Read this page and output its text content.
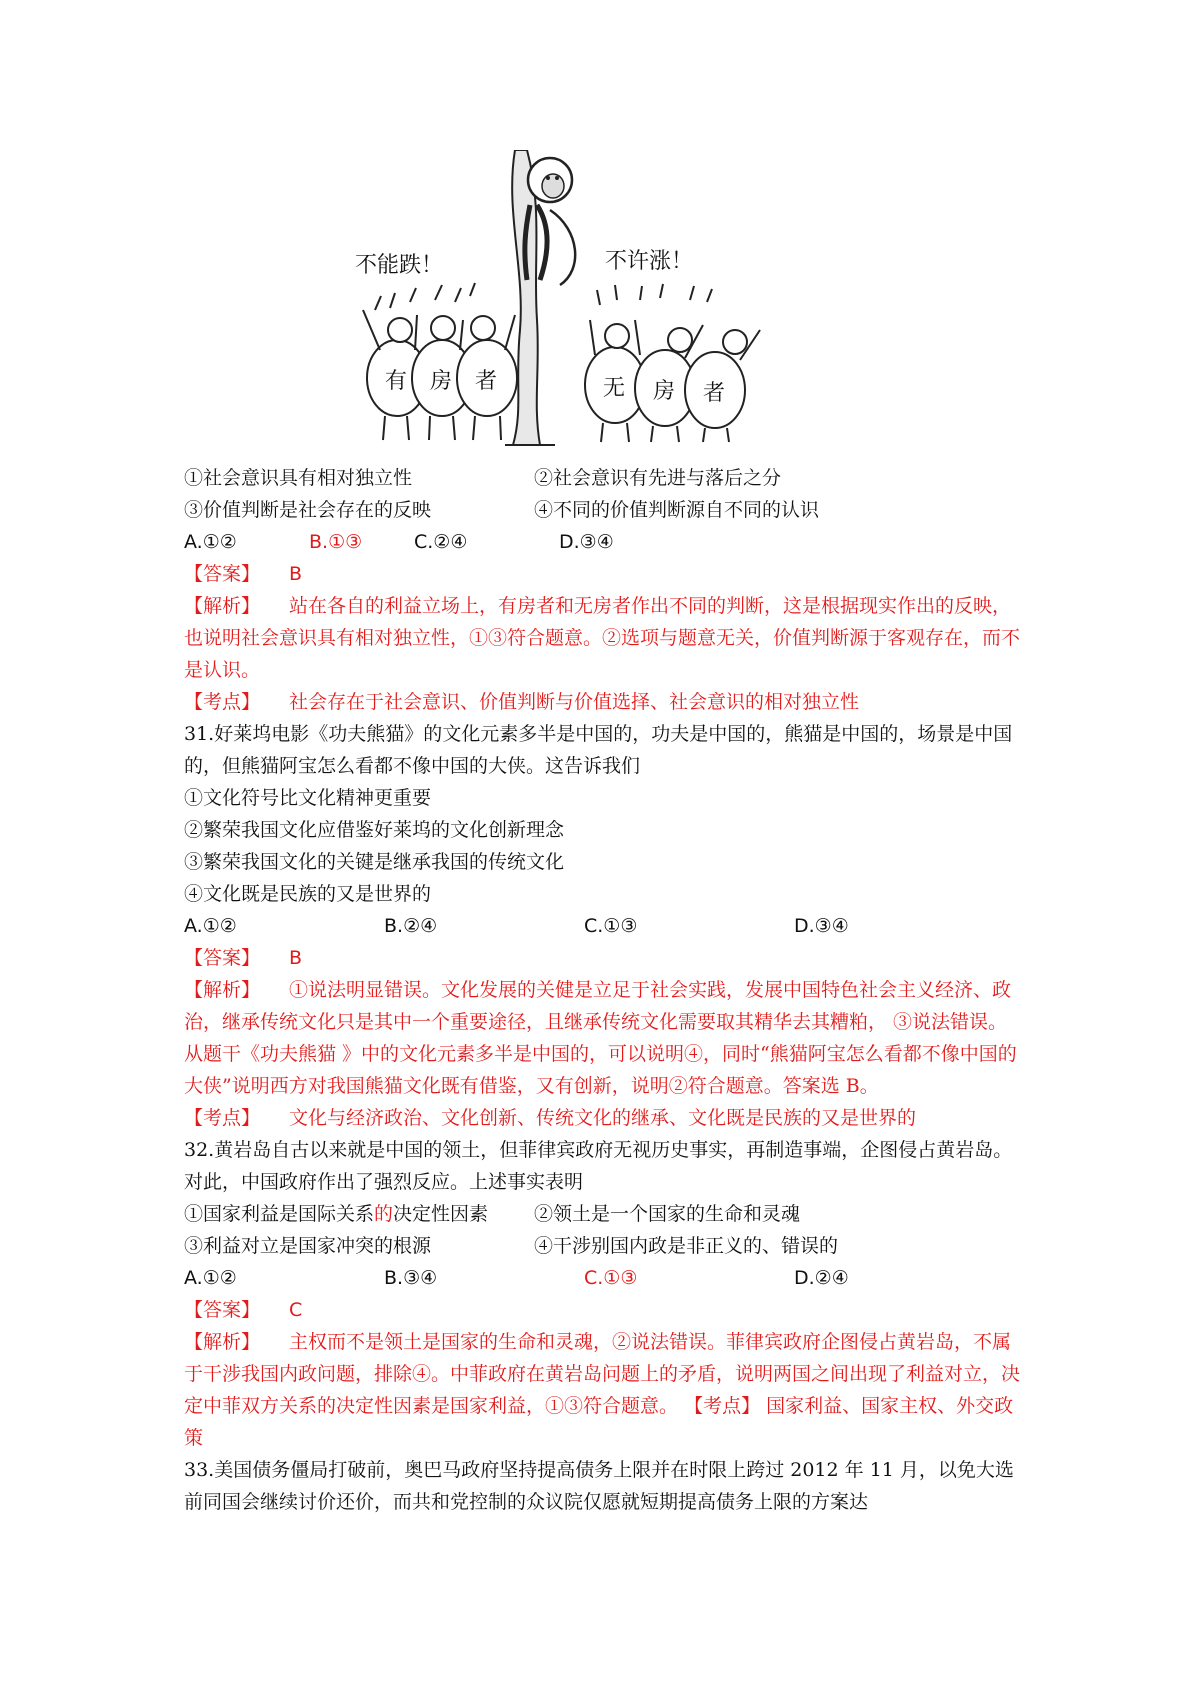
不能跌！	不许涨！
有 房 者	无 房 者
①社会意识具有相对独立性	②社会意识有先进与落后之分
③价值判断是社会存在的反映	④不同的价值判断源自不同的认识
A.①②	B.①③	C.②④	D.③④
【答案】 B
【解析】 站在各自的利益立场上，有房者和无房者作出不同的判断，这是根据现实作出的反映，也说明社会意识具有相对独立性，①③符合题意。②选项与题意无关，价值判断源于客观存在，而不是认识。
【考点】 社会存在于社会意识、价值判断与价值选择、社会意识的相对独立性
31.好莱坞电影《功夫熊猫》的文化元素多半是中国的，功夫是中国的，熊猫是中国的，场景是中国的，但熊猫阿宝怎么看都不像中国的大侠。这告诉我们
①文化符号比文化精神更重要
②繁荣我国文化应借鉴好莱坞的文化创新理念
③繁荣我国文化的关键是继承我国的传统文化
④文化既是民族的又是世界的
A.①②	B.②④	C.①③	D.③④
【答案】 B
【解析】 ①说法明显错误。文化发展的关健是立足于社会实践，发展中国特色社会主义经济、政治，继承传统文化只是其中一个重要途径，且继承传统文化需要取其精华去其糟粕， ③说法错误。从题干《功夫熊猫 》中的文化元素多半是中国的，可以说明④，同时“熊猫阿宝怎么看都不像中国的大侠”说明西方对我国熊猫文化既有借鉴，又有创新，说明②符合题意。答案选 B。
【考点】 文化与经济政治、文化创新、传统文化的继承、文化既是民族的又是世界的
32.黄岩岛自古以来就是中国的领土，但菲律宾政府无视历史事实，再制造事端，企图侵占黄岩岛。对此，中国政府作出了强烈反应。上述事实表明
①国家利益是国际关系的决定性因素	②领土是一个国家的生命和灵魂
③利益对立是国家冲突的根源	④干涉别国内政是非正义的、错误的
A.①②	B.③④	C.①③	D.②④
【答案】 C
【解析】 主权而不是领土是国家的生命和灵魂，②说法错误。菲律宾政府企图侵占黄岩岛，不属于干涉我国内政问题，排除④。中菲政府在黄岩岛问题上的矛盾，说明两国之间出现了利益对立，决定中菲双方关系的决定性因素是国家利益，①③符合题意。 【考点】 国家利益、国家主权、外交政策
33.美国债务僵局打破前，奥巴马政府坚持提高债务上限并在时限上跨过 2012 年 11 月，以免大选前同国会继续讨价还价，而共和党控制的众议院仅愿就短期提高债务上限的方案达
